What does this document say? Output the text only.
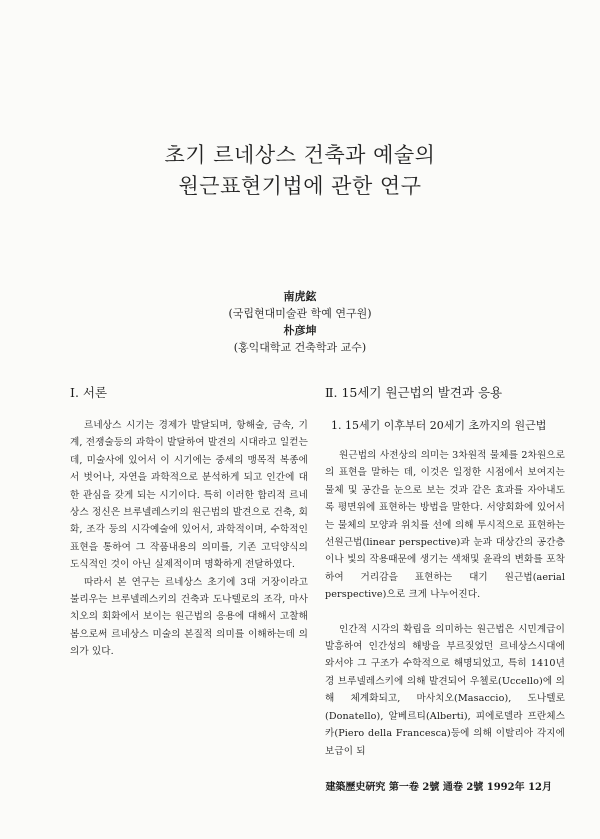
초기 르네상스 건축과 예술의
원근표현기법에 관한 연구
南虎鉉
(국립현대미술관 학예 연구원)
朴彦坤
(홍익대학교 건축학과 교수)
Ⅰ. 서론

르네상스 시기는 경제가 발달되며, 항해술, 금속, 기계, 전쟁술등의 과학이 발달하여 발견의 시대라고 일컫는데, 미술사에 있어서 이 시기에는 중세의 맹목적 복종에서 벗어나, 자연을 과학적으로 분석하게 되고 인간에 대한 관심을 갖게 되는 시기이다. 특히 이러한 합리적 르네상스 정신은 브루넬레스키의 원근법의 발견으로 건축, 회화, 조각 등의 시각예술에 있어서, 과학적이며, 수학적인 표현을 통하여 그 작품내용의 의미를, 기존 고딕양식의 도식적인 것이 아닌 실제적이며 명확하게 전달하였다.

따라서 본 연구는 르네상스 초기에 3대 거장이라고 불리우는 브루넬레스키의 건축과 도나텔로의 조각, 마사치오의 회화에서 보이는 원근법의 응용에 대해서 고찰해봄으로써 르네상스 미술의 본질적 의미를 이해하는데 의의가 있다.

Ⅱ. 15세기 원근법의 발견과 응용
1. 15세기 이후부터 20세기 초까지의 원근법

원근법의 사전상의 의미는 3차원적 물체를 2차원으로의 표현을 말하는 데, 이것은 일정한 시점에서 보여지는 물체 및 공간을 눈으로 보는 것과 같은 효과를 자아내도록 평면위에 표현하는 방법을 말한다. 서양회화에 있어서는 물체의 모양과 위치를 선에 의해 투시적으로 표현하는 선원근법(linear perspective)과 눈과 대상간의 공간층이나 빛의 작용때문에 생기는 색채및 윤곽의 변화를 포착하여 거리감을 표현하는 대기 원근법(aerial perspective)으로 크게 나누어진다.

인간적 시각의 확립을 의미하는 원근법은 시민계급이 발흥하여 인간성의 해방을 부르짖었던 르네상스시대에 와서야 그 구조가 수학적으로 해명되었고, 특히 1410년경 브루넬레스키에 의해 발견되어 우첼로(Uccello)에 의해 체계화되고, 마사치오(Masaccio), 도나텔로(Donatello), 알베르티(Alberti), 피에로델라 프란체스카(Piero della Francesca)등에 의해 이탈리아 각지에 보급이 되

建築歷史硏究 第一卷 2號 通卷 2號 1992年 12月
